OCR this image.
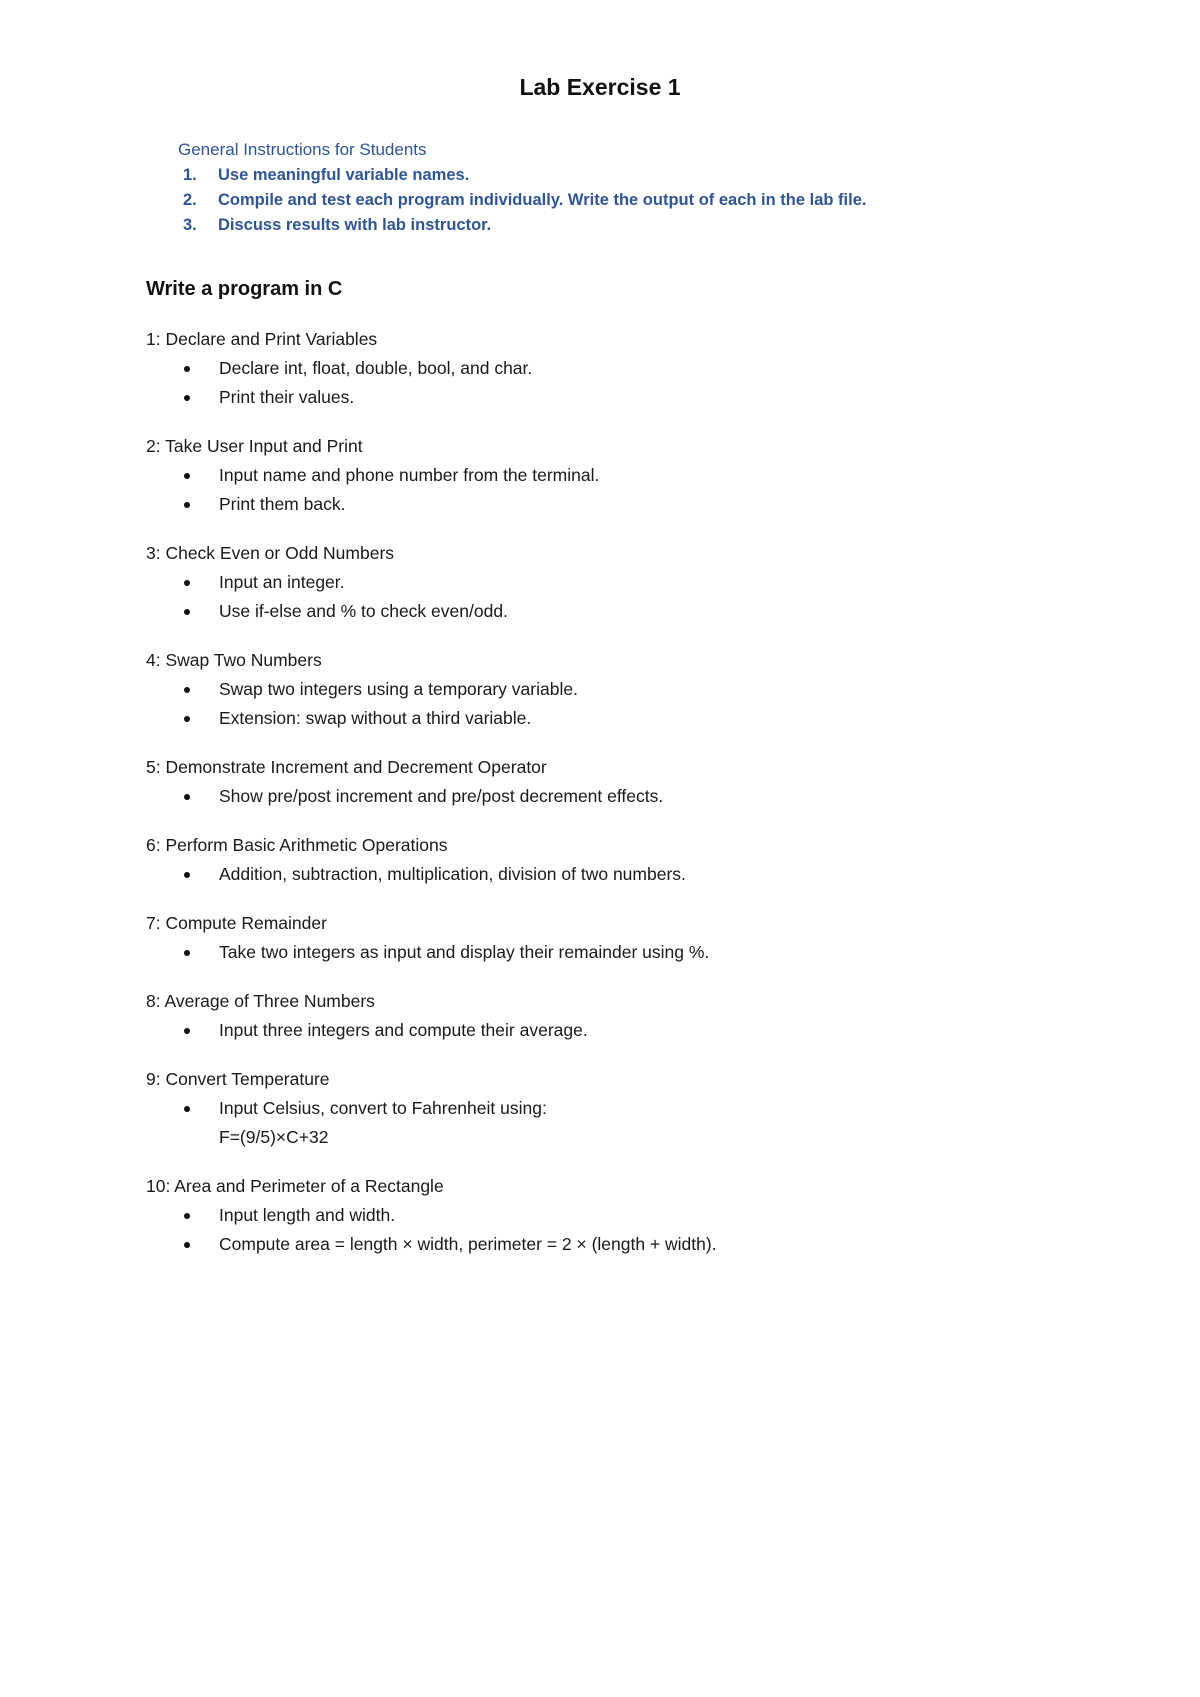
Lab Exercise 1
General Instructions for Students
1. Use meaningful variable names.
2. Compile and test each program individually. Write the output of each in the lab file.
3. Discuss results with lab instructor.
Write a program in C
1: Declare and Print Variables
Declare int, float, double, bool, and char.
Print their values.
2: Take User Input and Print
Input name and phone number from the terminal.
Print them back.
3: Check Even or Odd Numbers
Input an integer.
Use if-else and % to check even/odd.
4: Swap Two Numbers
Swap two integers using a temporary variable.
Extension: swap without a third variable.
5: Demonstrate Increment and Decrement Operator
Show pre/post increment and pre/post decrement effects.
6: Perform Basic Arithmetic Operations
Addition, subtraction, multiplication, division of two numbers.
7: Compute Remainder
Take two integers as input and display their remainder using %.
8: Average of Three Numbers
Input three integers and compute their average.
9: Convert Temperature
Input Celsius, convert to Fahrenheit using:
F=(9/5)×C+32
10: Area and Perimeter of a Rectangle
Input length and width.
Compute area = length × width, perimeter = 2 × (length + width).
